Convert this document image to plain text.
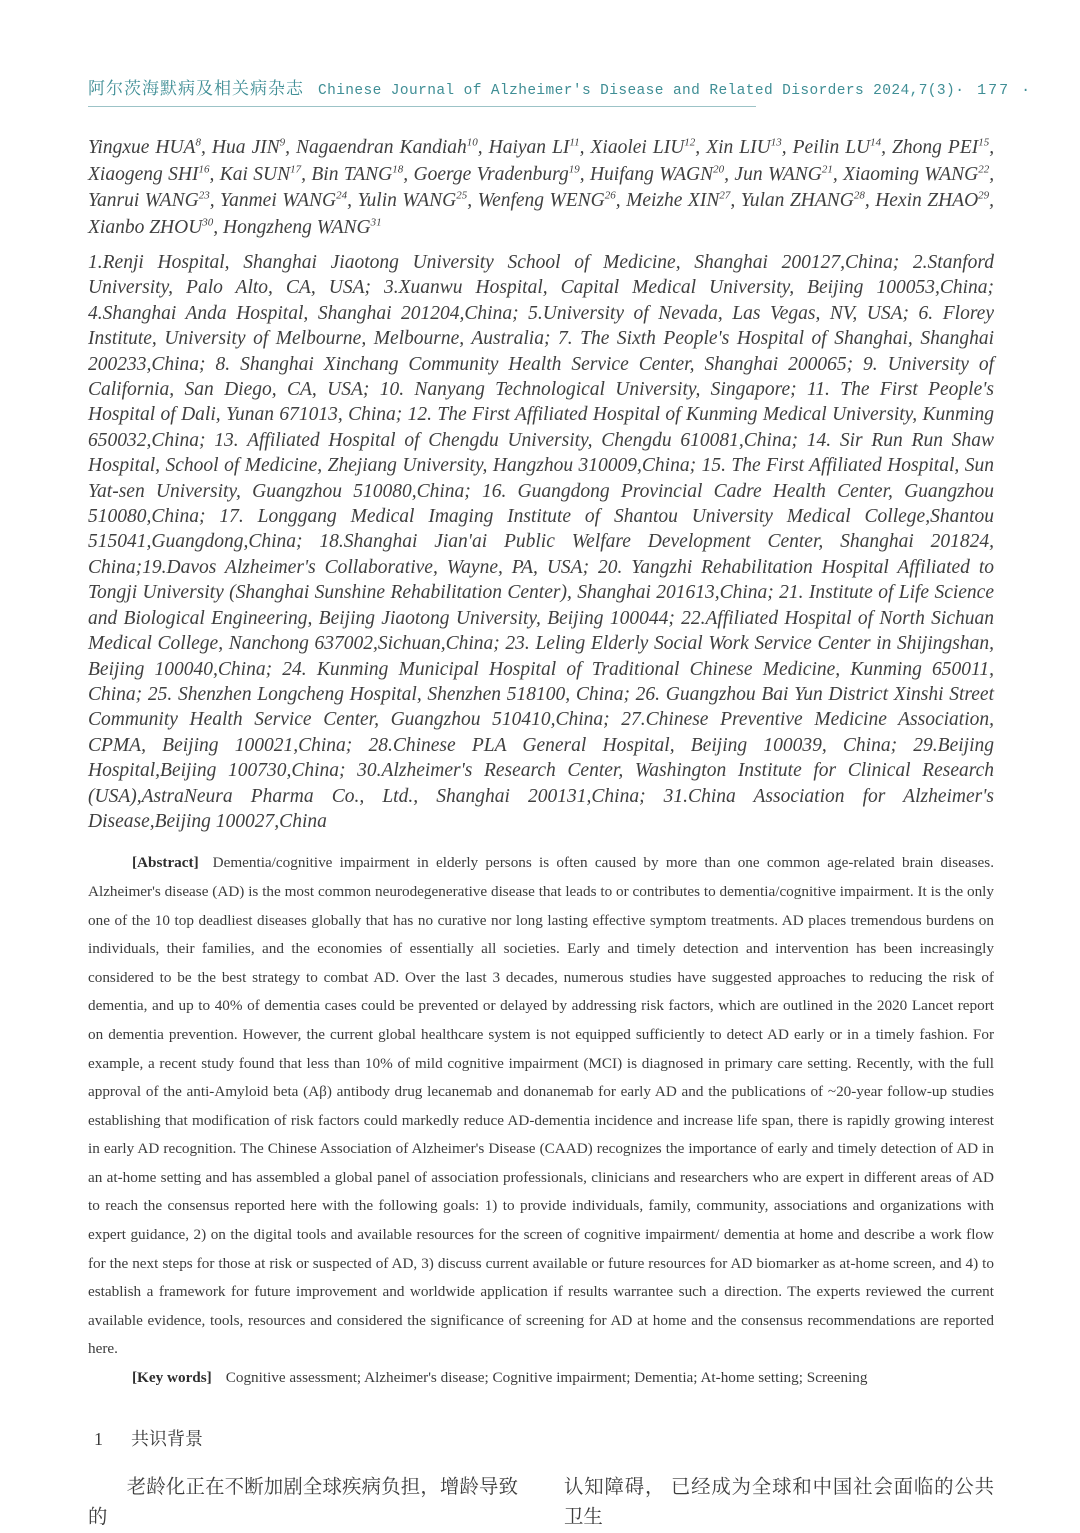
阿尔茨海默病及相关病杂志 Chinese Journal of Alzheimer's Disease and Related Disorders 2024,7(3) · 177 ·

Yingxue HUA$^8$, Hua JIN$^9$, Nagaendran Kandiah$^{10}$, Haiyan LI$^{11}$, Xiaolei LIU$^{12}$, Xin LIU$^{13}$, Peilin LU$^{14}$, Zhong PEI$^{15}$, Xiaogeng SHI$^{16}$, Kai SUN$^{17}$, Bin TANG$^{18}$, Goerge Vradenburg$^{19}$, Huifang WAGN$^{20}$, Jun WANG$^{21}$, Xiaoming WANG$^{22}$, Yanrui WANG$^{23}$, Yanmei WANG$^{24}$, Yulin WANG$^{25}$, Wenfeng WENG$^{26}$, Meizhe XIN$^{27}$, Yulan ZHANG$^{28}$, Hexin ZHAO$^{29}$, Xianbo ZHOU$^{30}$, Hongzheng WANG$^{31}$

1.Renji Hospital, Shanghai Jiaotong University School of Medicine, Shanghai 200127,China; 2.Stanford University, Palo Alto, CA, USA; 3.Xuanwu Hospital, Capital Medical University, Beijing 100053,China; 4.Shanghai Anda Hospital, Shanghai 201204,China; 5.University of Nevada, Las Vegas, NV, USA; 6. Florey Institute, University of Melbourne, Melbourne, Australia; 7. The Sixth People's Hospital of Shanghai, Shanghai 200233,China; 8. Shanghai Xinchang Community Health Service Center, Shanghai 200065; 9. University of California, San Diego, CA, USA; 10. Nanyang Technological University, Singapore; 11. The First People's Hospital of Dali, Yunan 671013, China; 12. The First Affiliated Hospital of Kunming Medical University, Kunming 650032,China; 13. Affiliated Hospital of Chengdu University, Chengdu 610081,China; 14. Sir Run Run Shaw Hospital, School of Medicine, Zhejiang University, Hangzhou 310009,China; 15. The First Affiliated Hospital, Sun Yat-sen University, Guangzhou 510080,China; 16. Guangdong Provincial Cadre Health Center, Guangzhou 510080,China; 17. Longgang Medical Imaging Institute of Shantou University Medical College,Shantou 515041,Guangdong,China; 18.Shanghai Jian'ai Public Welfare Development Center, Shanghai 201824, China;19.Davos Alzheimer's Collaborative, Wayne, PA, USA; 20. Yangzhi Rehabilitation Hospital Affiliated to Tongji University (Shanghai Sunshine Rehabilitation Center), Shanghai 201613,China; 21. Institute of Life Science and Biological Engineering, Beijing Jiaotong University, Beijing 100044; 22.Affiliated Hospital of North Sichuan Medical College, Nanchong 637002,Sichuan,China; 23. Leling Elderly Social Work Service Center in Shijingshan, Beijing 100040,China; 24. Kunming Municipal Hospital of Traditional Chinese Medicine, Kunming 650011, China; 25. Shenzhen Longcheng Hospital, Shenzhen 518100, China; 26. Guangzhou Bai Yun District Xinshi Street Community Health Service Center, Guangzhou 510410,China; 27.Chinese Preventive Medicine Association, CPMA, Beijing 100021,China; 28.Chinese PLA General Hospital, Beijing 100039, China; 29.Beijing Hospital,Beijing 100730,China; 30.Alzheimer's Research Center, Washington Institute for Clinical Research (USA),AstraNeura Pharma Co., Ltd., Shanghai 200131,China; 31.China Association for Alzheimer's Disease,Beijing 100027,China

[Abstract] Dementia/cognitive impairment in elderly persons is often caused by more than one common age-related brain diseases. Alzheimer's disease (AD) is the most common neurodegenerative disease that leads to or contributes to dementia/cognitive impairment. It is the only one of the 10 top deadliest diseases globally that has no curative nor long lasting effective symptom treatments. AD places tremendous burdens on individuals, their families, and the economies of essentially all societies. Early and timely detection and intervention has been increasingly considered to be the best strategy to combat AD. Over the last 3 decades, numerous studies have suggested approaches to reducing the risk of dementia, and up to 40% of dementia cases could be prevented or delayed by addressing risk factors, which are outlined in the 2020 Lancet report on dementia prevention. However, the current global healthcare system is not equipped sufficiently to detect AD early or in a timely fashion. For example, a recent study found that less than 10% of mild cognitive impairment (MCI) is diagnosed in primary care setting. Recently, with the full approval of the anti-Amyloid beta (Aβ) antibody drug lecanemab and donanemab for early AD and the publications of ~20-year follow-up studies establishing that modification of risk factors could markedly reduce AD-dementia incidence and increase life span, there is rapidly growing interest in early AD recognition. The Chinese Association of Alzheimer's Disease (CAAD) recognizes the importance of early and timely detection of AD in an at-home setting and has assembled a global panel of association professionals, clinicians and researchers who are expert in different areas of AD to reach the consensus reported here with the following goals: 1) to provide individuals, family, community, associations and organizations with expert guidance, 2) on the digital tools and available resources for the screen of cognitive impairment/ dementia at home and describe a work flow for the next steps for those at risk or suspected of AD, 3) discuss current available or future resources for AD biomarker as at-home screen, and 4) to establish a framework for future improvement and worldwide application if results warrantee such a direction. The experts reviewed the current available evidence, tools, resources and considered the significance of screening for AD at home and the consensus recommendations are reported here.

[Key words] Cognitive assessment; Alzheimer's disease; Cognitive impairment; Dementia; At-home setting; Screening

1 共识背景

老龄化正在不断加剧全球疾病负担，增龄导致的

认知障碍， 已经成为全球和中国社会面临的公共卫生
